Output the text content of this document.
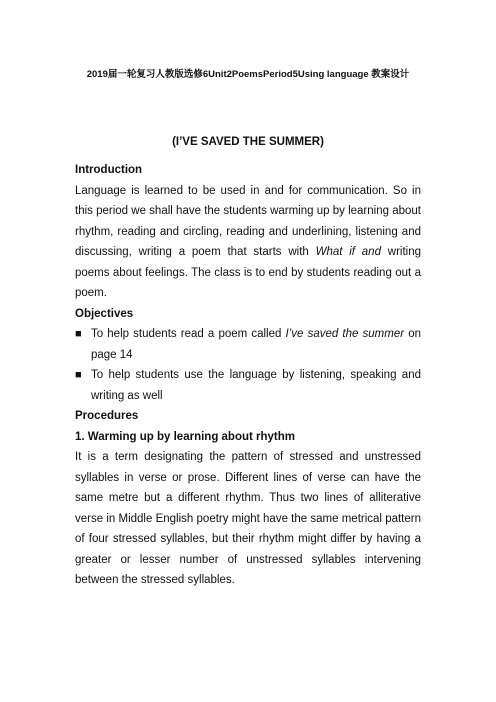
2019届一轮复习人教版选修6Unit2PoemsPeriod5Using language 教案设计
(I’VE SAVED THE SUMMER)

Introduction

Language is learned to be used in and for communication. So in this period we shall have the students warming up by learning about rhythm, reading and circling, reading and underlining, listening and discussing, writing a poem that starts with What if and writing poems about feelings. The class is to end by students reading out a poem.

Objectives

■ To help students read a poem called I’ve saved the summer on page 14
■ To help students use the language by listening, speaking and writing as well

Procedures

1. Warming up by learning about rhythm

It is a term designating the pattern of stressed and unstressed syllables in verse or prose. Different lines of verse can have the same metre but a different rhythm. Thus two lines of alliterative verse in Middle English poetry might have the same metrical pattern of four stressed syllables, but their rhythm might differ by having a greater or lesser number of unstressed syllables intervening between the stressed syllables.
